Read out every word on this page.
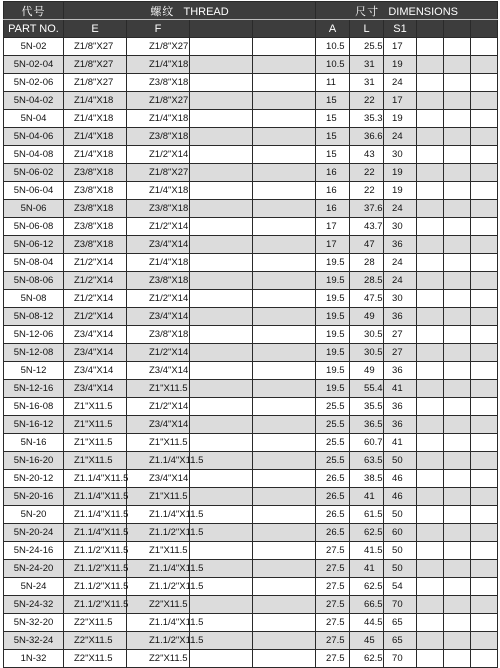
代号	螺纹 THREAD				尺寸 DIMENSIONS					
PART NO.	E	F			A	L	S1			
5N-02	Z1/8"X27	Z1/8"X27			10.5	25.5	17			
5N-02-04	Z1/8"X27	Z1/4"X18			10.5	31	19			
5N-02-06	Z1/8"X27	Z3/8"X18			11	31	24			
5N-04-02	Z1/4"X18	Z1/8"X27			15	22	17			
5N-04	Z1/4"X18	Z1/4"X18			15	35.3	19			
5N-04-06	Z1/4"X18	Z3/8"X18			15	36.6	24			
5N-04-08	Z1/4"X18	Z1/2"X14			15	43	30			
5N-06-02	Z3/8"X18	Z1/8"X27			16	22	19			
5N-06-04	Z3/8"X18	Z1/4"X18			16	22	19			
5N-06	Z3/8"X18	Z3/8"X18			16	37.6	24			
5N-06-08	Z3/8"X18	Z1/2"X14			17	43.7	30			
5N-06-12	Z3/8"X18	Z3/4"X14			17	47	36			
5N-08-04	Z1/2"X14	Z1/4"X18			19.5	28	24			
5N-08-06	Z1/2"X14	Z3/8"X18			19.5	28.5	24			
5N-08	Z1/2"X14	Z1/2"X14			19.5	47.5	30			
5N-08-12	Z1/2"X14	Z3/4"X14			19.5	49	36			
5N-12-06	Z3/4"X14	Z3/8"X18			19.5	30.5	27			
5N-12-08	Z3/4"X14	Z1/2"X14			19.5	30.5	27			
5N-12	Z3/4"X14	Z3/4"X14			19.5	49	36			
5N-12-16	Z3/4"X14	Z1"X11.5			19.5	55.4	41			
5N-16-08	Z1"X11.5	Z1/2"X14			25.5	35.5	36			
5N-16-12	Z1"X11.5	Z3/4"X14			25.5	36.5	36			
5N-16	Z1"X11.5	Z1"X11.5			25.5	60.7	41			
5N-16-20	Z1"X11.5	Z1.1/4"X11.5			25.5	63.5	50			
5N-20-12	Z1.1/4"X11.5	Z3/4"X14			26.5	38.5	46			
5N-20-16	Z1.1/4"X11.5	Z1"X11.5			26.5	41	46			
5N-20	Z1.1/4"X11.5	Z1.1/4"X11.5			26.5	61.5	50			
5N-20-24	Z1.1/4"X11.5	Z1.1/2"X11.5			26.5	62.5	60			
5N-24-16	Z1.1/2"X11.5	Z1"X11.5			27.5	41.5	50			
5N-24-20	Z1.1/2"X11.5	Z1.1/4"X11.5			27.5	41	50			
5N-24	Z1.1/2"X11.5	Z1.1/2"X11.5			27.5	62.5	54			
5N-24-32	Z1.1/2"X11.5	Z2"X11.5			27.5	66.5	70			
5N-32-20	Z2"X11.5	Z1.1/4"X11.5			27.5	44.5	65			
5N-32-24	Z2"X11.5	Z1.1/2"X11.5			27.5	45	65			
1N-32	Z2"X11.5	Z2"X11.5			27.5	62.5	70			
